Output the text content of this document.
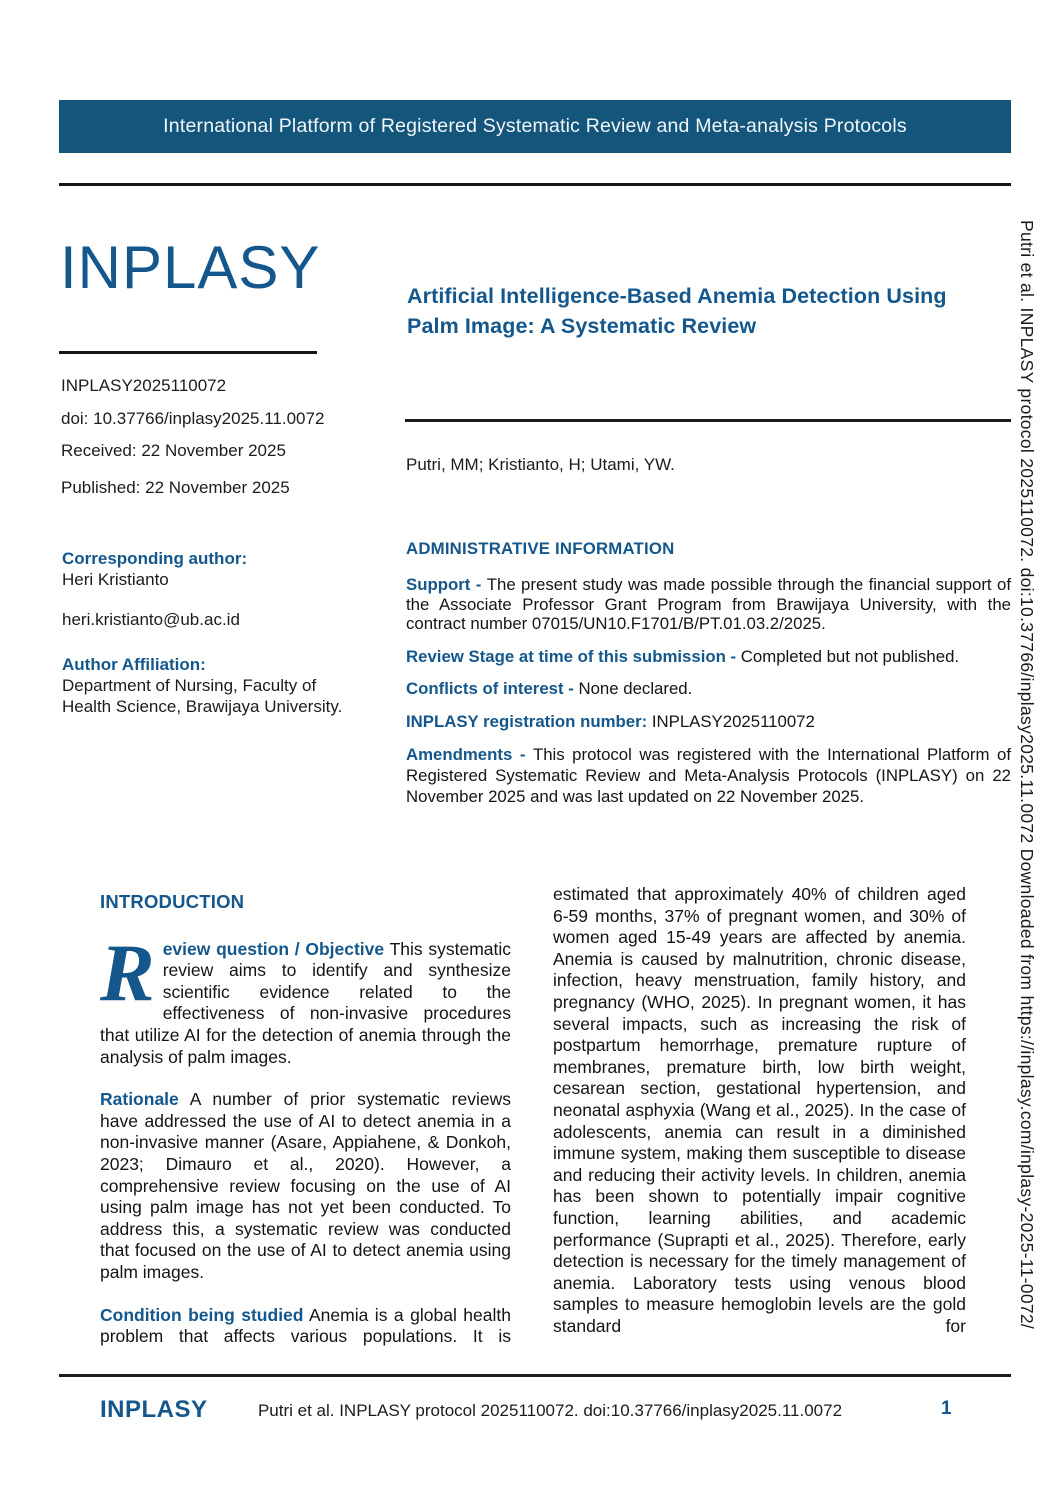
International Platform of Registered Systematic Review and Meta-analysis Protocols
INPLASY
INPLASY2025110072
doi: 10.37766/inplasy2025.11.0072
Received: 22 November 2025
Published: 22 November 2025
Artificial Intelligence-Based Anemia Detection Using Palm Image: A Systematic Review
Putri, MM; Kristianto, H; Utami, YW.
Corresponding author:
Heri Kristianto
heri.kristianto@ub.ac.id
Author Affiliation:
Department of Nursing, Faculty of Health Science, Brawijaya University.
ADMINISTRATIVE INFORMATION

Support - The present study was made possible through the financial support of the Associate Professor Grant Program from Brawijaya University, with the contract number 07015/UN10.F1701/B/PT.01.03.2/2025.

Review Stage at time of this submission - Completed but not published.

Conflicts of interest - None declared.

INPLASY registration number: INPLASY2025110072

Amendments - This protocol was registered with the International Platform of Registered Systematic Review and Meta-Analysis Protocols (INPLASY) on 22 November 2025 and was last updated on 22 November 2025.

INTRODUCTION

Review question / Objective This systematic review aims to identify and synthesize scientific evidence related to the effectiveness of non-invasive procedures that utilize AI for the detection of anemia through the analysis of palm images.

Rationale A number of prior systematic reviews have addressed the use of AI to detect anemia in a non-invasive manner (Asare, Appiahene, & Donkoh, 2023; Dimauro et al., 2020). However, a comprehensive review focusing on the use of AI using palm image has not yet been conducted. To address this, a systematic review was conducted that focused on the use of AI to detect anemia using palm images.

Condition being studied Anemia is a global health problem that affects various populations. It is

estimated that approximately 40% of children aged 6-59 months, 37% of pregnant women, and 30% of women aged 15-49 years are affected by anemia. Anemia is caused by malnutrition, chronic disease, infection, heavy menstruation, family history, and pregnancy (WHO, 2025). In pregnant women, it has several impacts, such as increasing the risk of postpartum hemorrhage, premature rupture of membranes, premature birth, low birth weight, cesarean section, gestational hypertension, and neonatal asphyxia (Wang et al., 2025). In the case of adolescents, anemia can result in a diminished immune system, making them susceptible to disease and reducing their activity levels. In children, anemia has been shown to potentially impair cognitive function, learning abilities, and academic performance (Suprapti et al., 2025). Therefore, early detection is necessary for the timely management of anemia. Laboratory tests using venous blood samples to measure hemoglobin levels are the gold standard for

INPLASY	Putri et al. INPLASY protocol 2025110072. doi:10.37766/inplasy2025.11.0072	1
Putri et al. INPLASY protocol 2025110072. doi:10.37766/inplasy2025.11.0072 Downloaded from https://inplasy.com/inplasy-2025-11-0072/
